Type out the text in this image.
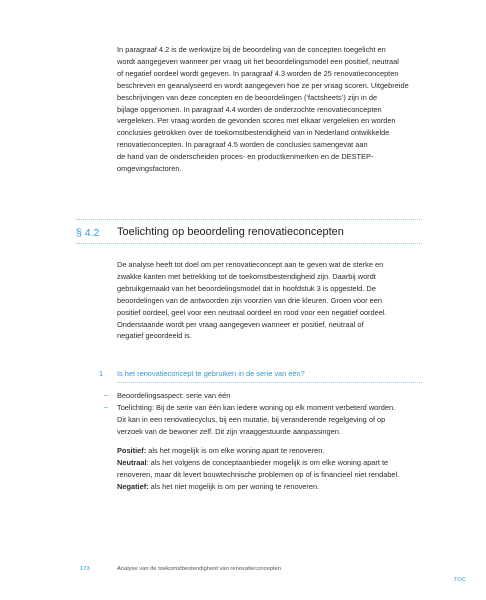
In paragraaf 4.2 is de werkwijze bij de beoordeling van de concepten toegelicht en
wordt aangegeven wanneer per vraag uit het beoordelingsmodel een positief, neutraal
of negatief oordeel wordt gegeven. In paragraaf 4.3 worden de 25 renovatieconcepten
beschreven en geanalyseerd en wordt aangegeven hoe ze per vraag scoren. Uitgebreide
beschrijvingen van deze concepten en de beoordelingen (‘factsheets’) zijn in de
bijlage opgenomen. In paragraaf 4.4 worden de onderzochte renovatieconcepten
vergeleken. Per vraag worden de gevonden scores met elkaar vergeleken en worden
conclusies getrokken over de toekomstbestendigheid van in Nederland ontwikkelde
renovatieconcepten. In paragraaf 4.5 worden de conclusies samengevat aan
de hand van de onderscheiden proces- en productkenmerken en de DESTEP-
omgevingsfactoren.
§ 4.2 Toelichting op beoordeling renovatieconcepten
De analyse heeft tot doel om per renovatieconcept aan te geven wat de sterke en
zwakke kanten met betrekking tot de toekomstbestendigheid zijn. Daarbij wordt
gebruikgemaakt van het beoordelingsmodel dat in hoofdstuk 3 is opgesteld. De
beoordelingen van de antwoorden zijn voorzien van drie kleuren. Groen voor een
positief oordeel, geel voor een neutraal oordeel en rood voor een negatief oordeel.
Onderstaande wordt per vraag aangegeven wanneer er positief, neutraal of
negatief geoordeeld is.
1 Is het renovatieconcept te gebruiken in de serie van één?
– Beoordelingsaspect: serie van één
– Toelichting: Bij de serie van één kan iedere woning op elk moment verbeterd worden.
Dit kan in een renovatiecyclus, bij een mutatie, bij veranderende regelgeving of op
verzoek van de bewoner zelf. Dit zijn vraaggestuurde aanpassingen.
Positief: als het mogelijk is om elke woning apart te renoveren.
Neutraal: als het volgens de conceptaanbieder mogelijk is om elke woning apart te
renoveren, maar dit levert bouwtechnische problemen op of is financieel niet rendabel.
Negatief: als het niet mogelijk is om per woning te renoveren.
173	Analyse van de toekomstbestendigheid van renovatieconcepten
TOC
